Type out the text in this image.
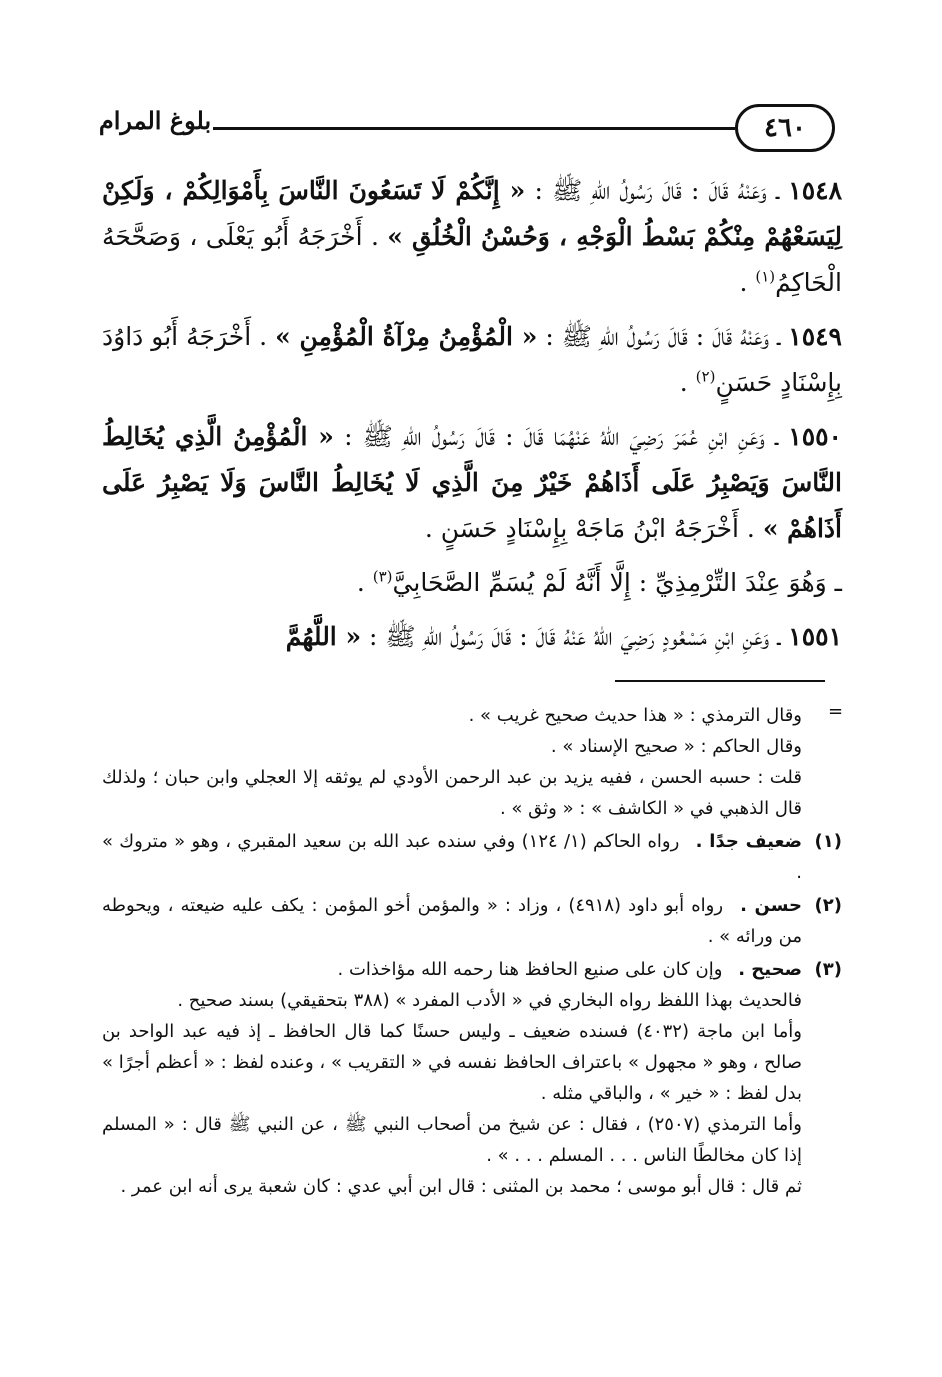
٤٦٠
بلوغ المرام

١٥٤٨ ـ وَعَنْهُ قَالَ : قَالَ رَسُولُ اللهِ ﷺ : « إِنَّكُمْ لَا تَسَعُونَ النَّاسَ بِأَمْوَالِكُمْ ، وَلَكِنْ لِيَسَعْهُمْ مِنْكُمْ بَسْطُ الْوَجْهِ ، وَحُسْنُ الْخُلُقِ » . أَخْرَجَهُ أَبُو يَعْلَى ، وَصَحَّحَهُ الْحَاكِمُ$^{(١)}$ .

١٥٤٩ ـ وَعَنْهُ قَالَ : قَالَ رَسُولُ اللهِ ﷺ : « الْمُؤْمِنُ مِرْآةُ الْمُؤْمِنِ » . أَخْرَجَهُ أَبُو دَاوُدَ بِإِسْنَادٍ حَسَنٍ$^{(٢)}$ .

١٥٥٠ ـ وَعَنِ ابْنِ عُمَرَ رَضِيَ اللهُ عَنْهُمَا قَالَ : قَالَ رَسُولُ اللهِ ﷺ : « الْمُؤْمِنُ الَّذِي يُخَالِطُ النَّاسَ وَيَصْبِرُ عَلَى أَذَاهُمْ خَيْرٌ مِنَ الَّذِي لَا يُخَالِطُ النَّاسَ وَلَا يَصْبِرُ عَلَى أَذَاهُمْ » . أَخْرَجَهُ ابْنُ مَاجَهْ بِإِسْنَادٍ حَسَنٍ .

ـ وَهُوَ عِنْدَ التِّرْمِذِيِّ : إِلَّا أَنَّهُ لَمْ يُسَمِّ الصَّحَابِيَّ$^{(٣)}$ .

١٥٥١ ـ وَعَنِ ابْنِ مَسْعُودٍ رَضِيَ اللهُ عَنْهُ قَالَ : قَالَ رَسُولُ اللهِ ﷺ : « اللَّهُمَّ

=
وقال الترمذي : « هذا حديث صحيح غريب » .
وقال الحاكم : « صحيح الإسناد » .
قلت : حسبه الحسن ، ففيه يزيد بن عبد الرحمن الأودي لم يوثقه إلا العجلي وابن حبان ؛ ولذلك قال الذهبي في « الكاشف » : « وثق » .
(١)
ضعيف جدًا . رواه الحاكم (١/ ١٢٤) وفي سنده عبد الله بن سعيد المقبري ، وهو « متروك » .
(٢)
حسن . رواه أبو داود (٤٩١٨) ، وزاد : « والمؤمن أخو المؤمن : يكف عليه ضيعته ، ويحوطه من ورائه » .
(٣)
صحيح . وإن كان على صنيع الحافظ هنا رحمه الله مؤاخذات .
فالحديث بهذا اللفظ رواه البخاري في « الأدب المفرد » (٣٨٨ بتحقيقي) بسند صحيح .
وأما ابن ماجة (٤٠٣٢) فسنده ضعيف ـ وليس حسنًا كما قال الحافظ ـ إذ فيه عبد الواحد بن صالح ، وهو « مجهول » باعتراف الحافظ نفسه في « التقريب » ، وعنده لفظ : « أعظم أجرًا » بدل لفظ : « خير » ، والباقي مثله .
وأما الترمذي (٢٥٠٧) ، فقال : عن شيخ من أصحاب النبي ﷺ ، عن النبي ﷺ قال : « المسلم إذا كان مخالطًا الناس . . . المسلم . . . » .
ثم قال : قال أبو موسى ؛ محمد بن المثنى : قال ابن أبي عدي : كان شعبة يرى أنه ابن عمر .
